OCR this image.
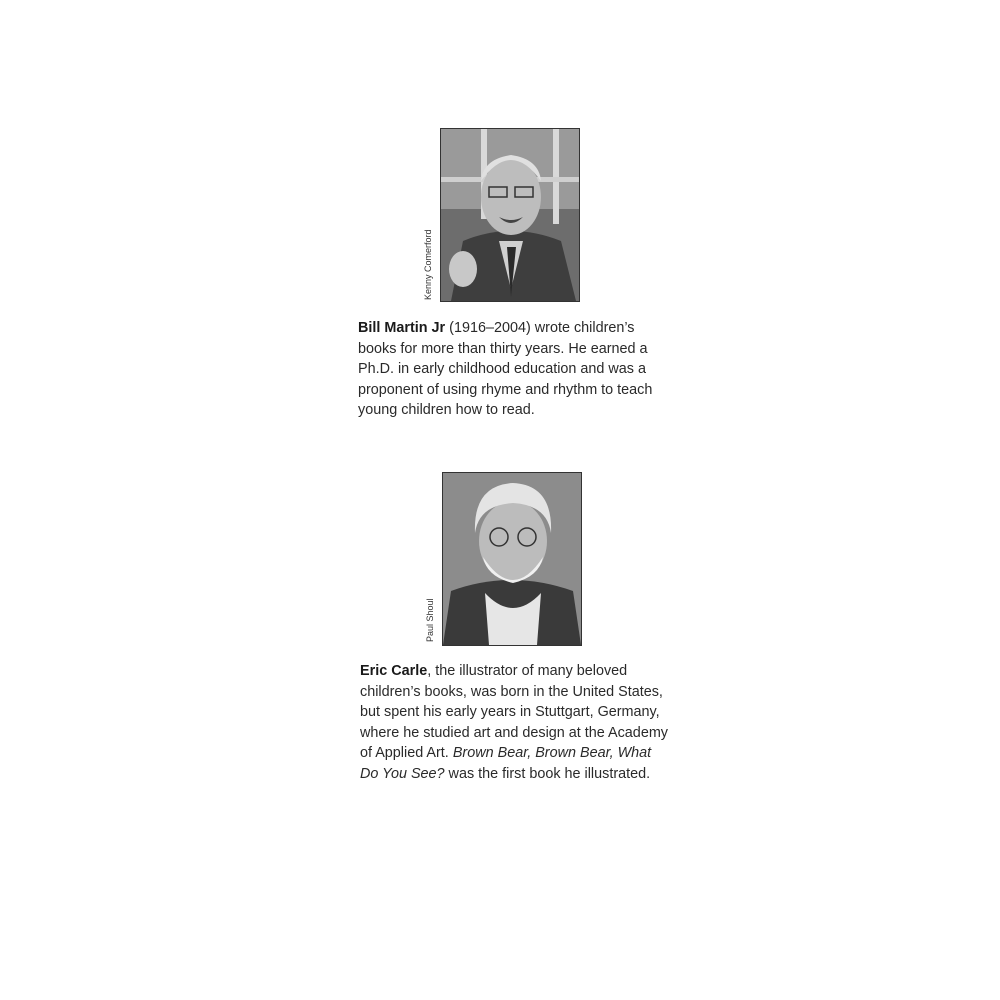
Kenny Comerford

Bill Martin Jr (1916–2004) wrote children’s books for more than thirty years. He earned a Ph.D. in early childhood education and was a proponent of using rhyme and rhythm to teach young children how to read.

Paul Shoul

Eric Carle, the illustrator of many beloved children’s books, was born in the United States, but spent his early years in Stuttgart, Germany, where he studied art and design at the Academy of Applied Art. Brown Bear, Brown Bear, What Do You See? was the first book he illustrated.
